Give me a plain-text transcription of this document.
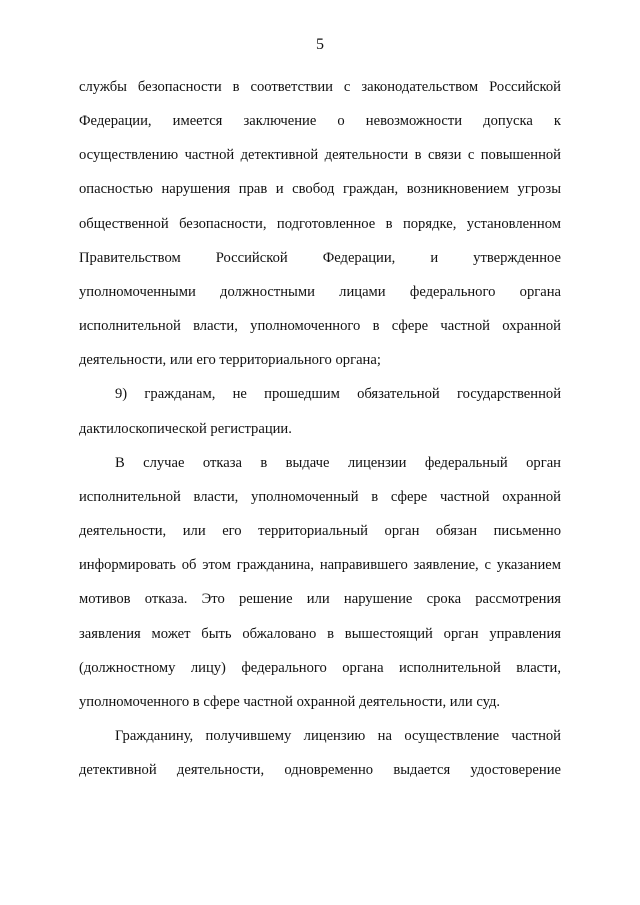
5
службы безопасности в соответствии с законодательством Российской
Федерации, имеется заключение о невозможности допуска к
осуществлению частной детективной деятельности в связи с повышенной
опасностью нарушения прав и свобод граждан, возникновением угрозы
общественной безопасности, подготовленное в порядке, установленном
Правительством Российской Федерации, и утвержденное
уполномоченными должностными лицами федерального органа
исполнительной власти, уполномоченного в сфере частной охранной
деятельности, или его территориального органа;
9) гражданам, не прошедшим обязательной государственной
дактилоскопической регистрации.
В случае отказа в выдаче лицензии федеральный орган
исполнительной власти, уполномоченный в сфере частной охранной
деятельности, или его территориальный орган обязан письменно
информировать об этом гражданина, направившего заявление, с указанием
мотивов отказа. Это решение или нарушение срока рассмотрения
заявления может быть обжаловано в вышестоящий орган управления
(должностному лицу) федерального органа исполнительной власти,
уполномоченного в сфере частной охранной деятельности, или суд.
Гражданину, получившему лицензию на осуществление частной
детективной деятельности, одновременно выдается удостоверение
